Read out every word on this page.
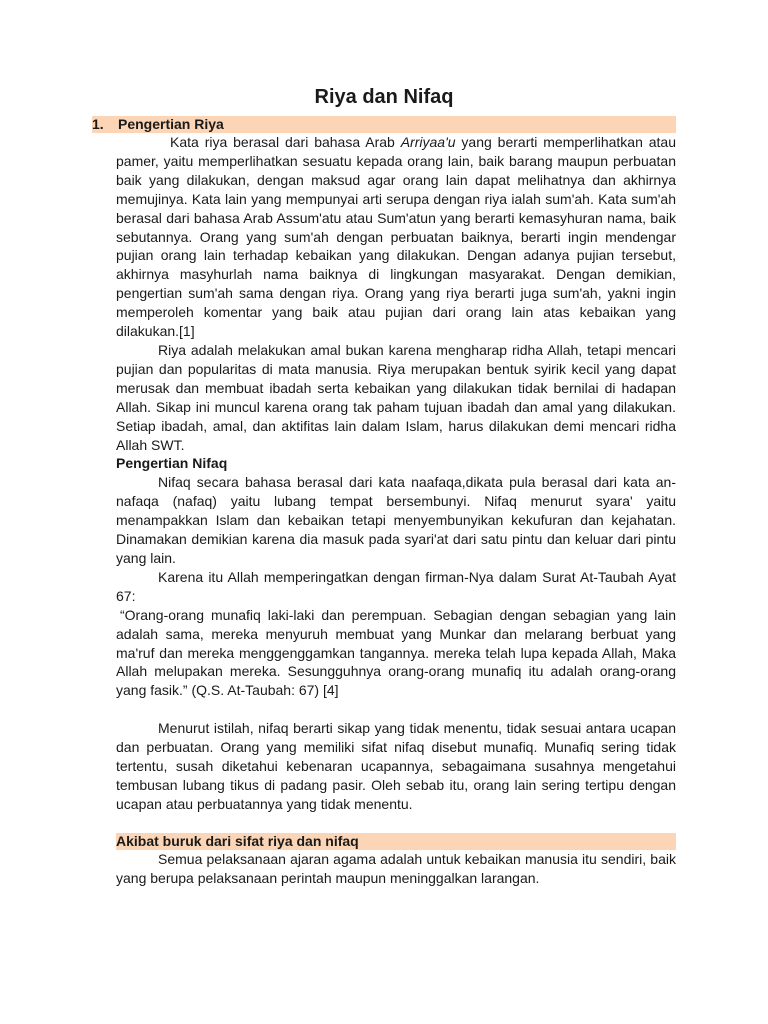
Riya dan Nifaq
1. Pengertian Riya

Kata riya berasal dari bahasa Arab Arriyaa'u yang berarti memperlihatkan atau pamer, yaitu memperlihatkan sesuatu kepada orang lain, baik barang maupun perbuatan baik yang dilakukan, dengan maksud agar orang lain dapat melihatnya dan akhirnya memujinya. Kata lain yang mempunyai arti serupa dengan riya ialah sum'ah. Kata sum'ah berasal dari bahasa Arab Assum'atu atau Sum'atun yang berarti kemasyhuran nama, baik sebutannya. Orang yang sum'ah dengan perbuatan baiknya, berarti ingin mendengar pujian orang lain terhadap kebaikan yang dilakukan. Dengan adanya pujian tersebut, akhirnya masyhurlah nama baiknya di lingkungan masyarakat. Dengan demikian, pengertian sum'ah sama dengan riya. Orang yang riya berarti juga sum'ah, yakni ingin memperoleh komentar yang baik atau pujian dari orang lain atas kebaikan yang dilakukan.[1]

Riya adalah melakukan amal bukan karena mengharap ridha Allah, tetapi mencari pujian dan popularitas di mata manusia. Riya merupakan bentuk syirik kecil yang dapat merusak dan membuat ibadah serta kebaikan yang dilakukan tidak bernilai di hadapan Allah. Sikap ini muncul karena orang tak paham tujuan ibadah dan amal yang dilakukan. Setiap ibadah, amal, dan aktifitas lain dalam Islam, harus dilakukan demi mencari ridha Allah SWT.

Pengertian Nifaq

Nifaq secara bahasa berasal dari kata naafaqa,dikata pula berasal dari kata an-nafaqa (nafaq) yaitu lubang tempat bersembunyi. Nifaq menurut syara' yaitu menampakkan Islam dan kebaikan tetapi menyembunyikan kekufuran dan kejahatan. Dinamakan demikian karena dia masuk pada syari'at dari satu pintu dan keluar dari pintu yang lain.

Karena itu Allah memperingatkan dengan firman-Nya dalam Surat At-Taubah Ayat 67:

“Orang-orang munafiq laki-laki dan perempuan. Sebagian dengan sebagian yang lain adalah sama, mereka menyuruh membuat yang Munkar dan melarang berbuat yang ma'ruf dan mereka menggenggamkan tangannya. mereka telah lupa kepada Allah, Maka Allah melupakan mereka. Sesungguhnya orang-orang munafiq itu adalah orang-orang yang fasik.” (Q.S. At-Taubah: 67) [4]

Menurut istilah, nifaq berarti sikap yang tidak menentu, tidak sesuai antara ucapan dan perbuatan. Orang yang memiliki sifat nifaq disebut munafiq. Munafiq sering tidak tertentu, susah diketahui kebenaran ucapannya, sebagaimana susahnya mengetahui tembusan lubang tikus di padang pasir. Oleh sebab itu, orang lain sering tertipu dengan ucapan atau perbuatannya yang tidak menentu.

Akibat buruk dari sifat riya dan nifaq

Semua pelaksanaan ajaran agama adalah untuk kebaikan manusia itu sendiri, baik yang berupa pelaksanaan perintah maupun meninggalkan larangan.
